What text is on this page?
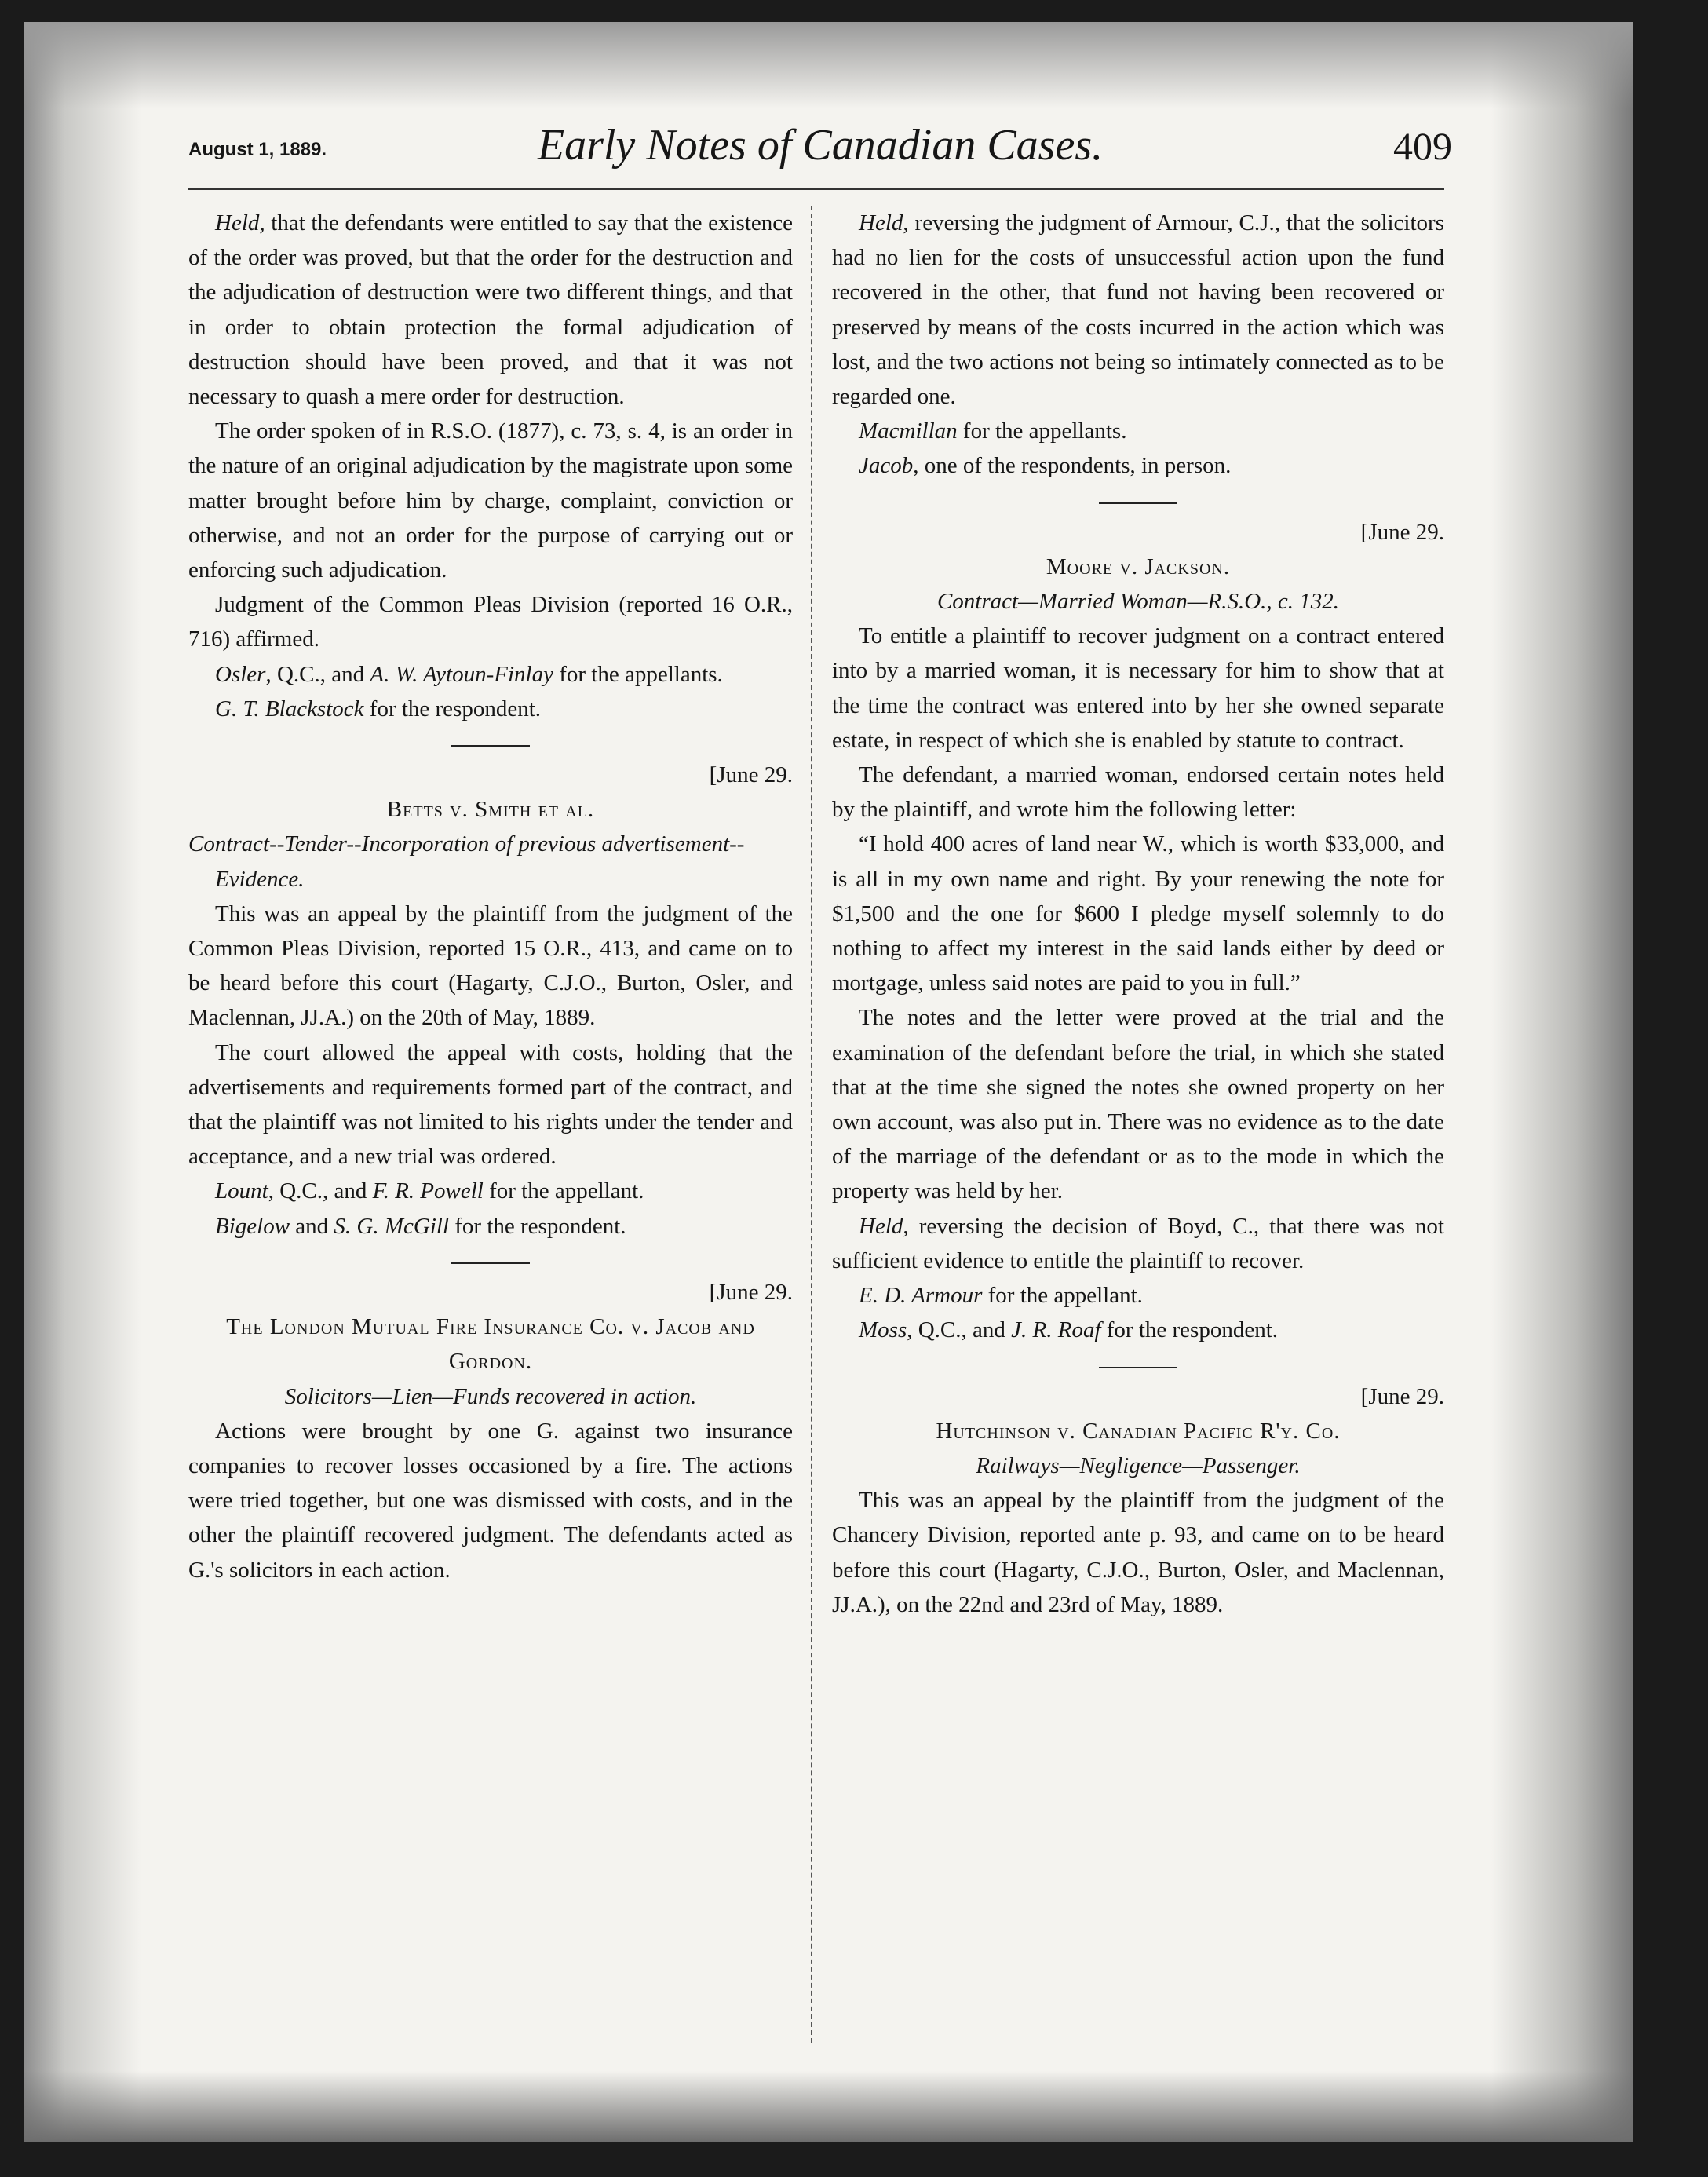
August 1, 1889.	Early Notes of Canadian Cases.	409

Held, that the defendants were entitled to say that the existence of the order was proved, but that the order for the destruction and the adjudication of destruction were two different things, and that in order to obtain protection the formal adjudication of destruction should have been proved, and that it was not necessary to quash a mere order for destruction.

The order spoken of in R.S.O. (1877), c. 73, s. 4, is an order in the nature of an original adjudication by the magistrate upon some matter brought before him by charge, complaint, conviction or otherwise, and not an order for the purpose of carrying out or enforcing such adjudication.

Judgment of the Common Pleas Division (reported 16 O.R., 716) affirmed.

Osler, Q.C., and A. W. Aytoun-Finlay for the appellants.

G. T. Blackstock for the respondent.

[June 29.
Betts v. Smith et al.
Contract--Tender--Incorporation of previous advertisement--Evidence.

This was an appeal by the plaintiff from the judgment of the Common Pleas Division, reported 15 O.R., 413, and came on to be heard before this court (Hagarty, C.J.O., Burton, Osler, and Maclennan, JJ.A.) on the 20th of May, 1889.

The court allowed the appeal with costs, holding that the advertisements and requirements formed part of the contract, and that the plaintiff was not limited to his rights under the tender and acceptance, and a new trial was ordered.

Lount, Q.C., and F. R. Powell for the appellant.

Bigelow and S. G. McGill for the respondent.

[June 29.
The London Mutual Fire Insurance Co. v. Jacob and Gordon.
Solicitors—Lien—Funds recovered in action.

Actions were brought by one G. against two insurance companies to recover losses occasioned by a fire. The actions were tried together, but one was dismissed with costs, and in the other the plaintiff recovered judgment. The defendants acted as G.'s solicitors in each action.

Held, reversing the judgment of Armour, C.J., that the solicitors had no lien for the costs of unsuccessful action upon the fund recovered in the other, that fund not having been recovered or preserved by means of the costs incurred in the action which was lost, and the two actions not being so intimately connected as to be regarded one.

Macmillan for the appellants.

Jacob, one of the respondents, in person.

[June 29.
Moore v. Jackson.
Contract—Married Woman—R.S.O., c. 132.

To entitle a plaintiff to recover judgment on a contract entered into by a married woman, it is necessary for him to show that at the time the contract was entered into by her she owned separate estate, in respect of which she is enabled by statute to contract.

The defendant, a married woman, endorsed certain notes held by the plaintiff, and wrote him the following letter:

“I hold 400 acres of land near W., which is worth $33,000, and is all in my own name and right. By your renewing the note for $1,500 and the one for $600 I pledge myself solemnly to do nothing to affect my interest in the said lands either by deed or mortgage, unless said notes are paid to you in full.”

The notes and the letter were proved at the trial and the examination of the defendant before the trial, in which she stated that at the time she signed the notes she owned property on her own account, was also put in. There was no evidence as to the date of the marriage of the defendant or as to the mode in which the property was held by her.

Held, reversing the decision of Boyd, C., that there was not sufficient evidence to entitle the plaintiff to recover.

E. D. Armour for the appellant.

Moss, Q.C., and J. R. Roaf for the respondent.

[June 29.
Hutchinson v. Canadian Pacific R'y. Co.
Railways—Negligence—Passenger.

This was an appeal by the plaintiff from the judgment of the Chancery Division, reported ante p. 93, and came on to be heard before this court (Hagarty, C.J.O., Burton, Osler, and Maclennan, JJ.A.), on the 22nd and 23rd of May, 1889.
